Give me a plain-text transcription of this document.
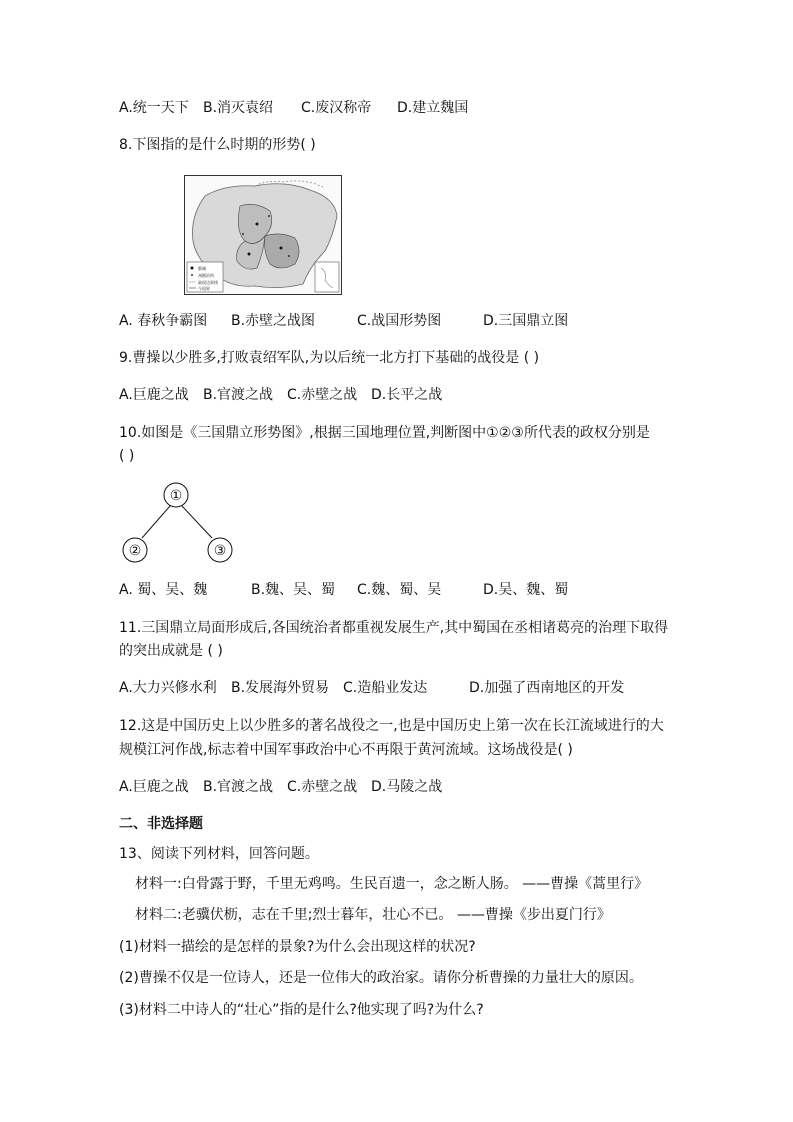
A.统一天下 B.消灭袁绍 C.废汉称帝 D.建立魏国
8.下图指的是什么时期的形势( )
都城
州郡治所
政权边界线
今国界
A. 春秋争霸图 B.赤壁之战图	C.战国形势图	D.三国鼎立图
9.曹操以少胜多,打败袁绍军队,为以后统一北方打下基础的战役是 ( )
A.巨鹿之战 B.官渡之战 C.赤壁之战 D.长平之战
10.如图是《三国鼎立形势图》,根据三国地理位置,判断图中①②③所代表的政权分别是
( )
①
②	③
A. 蜀、吴、魏	B.魏、吴、蜀 C.魏、蜀、吴	D.吴、魏、蜀
11.三国鼎立局面形成后,各国统治者都重视发展生产,其中蜀国在丞相诸葛亮的治理下取得
的突出成就是 ( )
A.大力兴修水利 B.发展海外贸易 C.造船业发达	D.加强了西南地区的开发
12.这是中国历史上以少胜多的著名战役之一,也是中国历史上第一次在长江流域进行的大
规模江河作战,标志着中国军事政治中心不再限于黄河流域。这场战役是( )
A.巨鹿之战 B.官渡之战 C.赤壁之战 D.马陵之战
二、非选择题
13、阅读下列材料，回答问题。
材料一:白骨露于野，千里无鸡鸣。生民百遗一，念之断人肠。 ——曹操《蒿里行》
材料二:老骥伏枥，志在千里;烈士暮年，壮心不已。 ——曹操《步出夏门行》
(1)材料一描绘的是怎样的景象?为什么会出现这样的状况?
(2)曹操不仅是一位诗人，还是一位伟大的政治家。请你分析曹操的力量壮大的原因。
(3)材料二中诗人的“壮心”指的是什么?他实现了吗?为什么?
